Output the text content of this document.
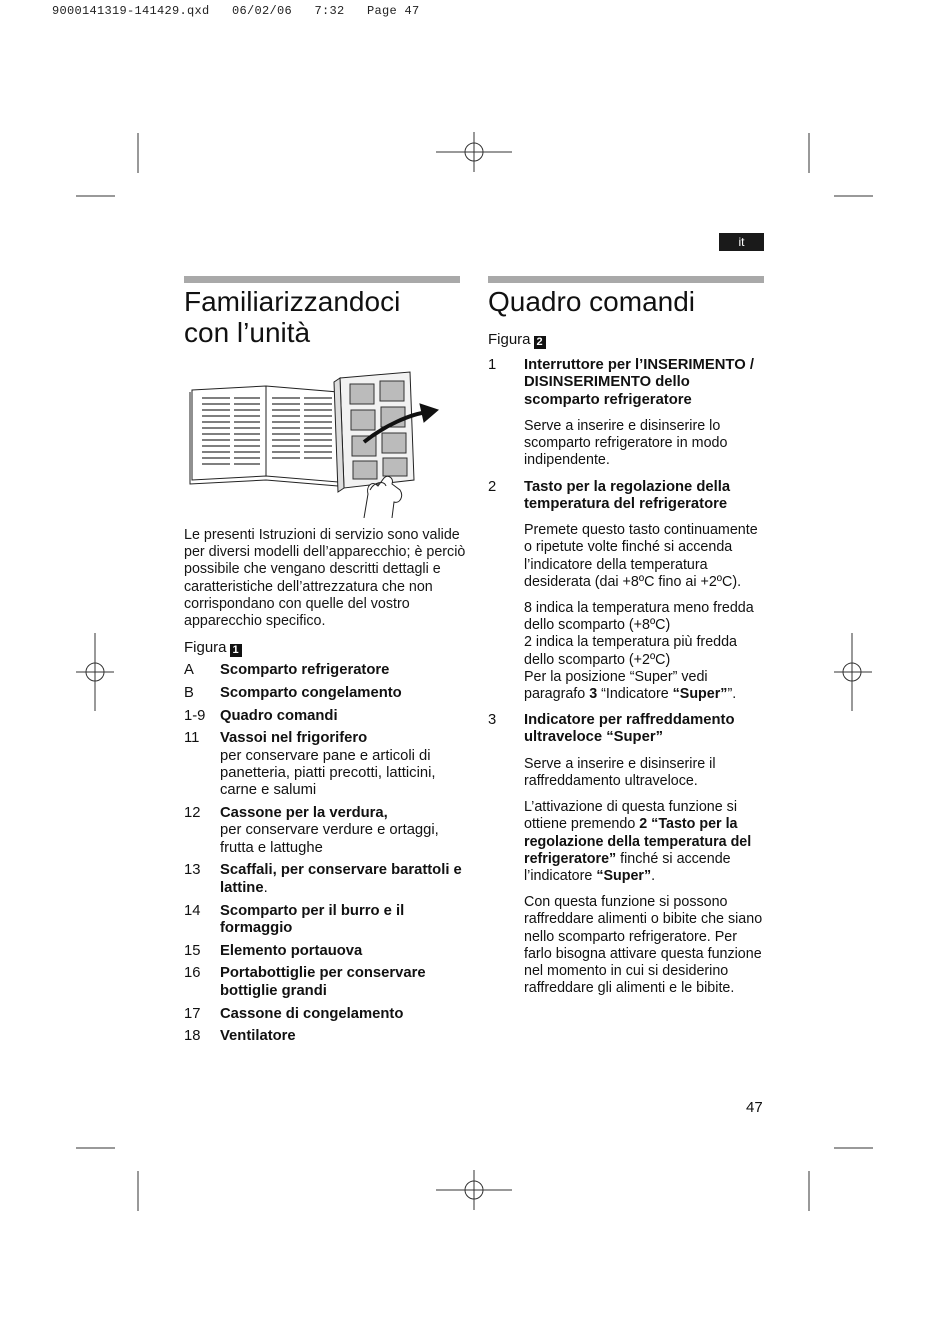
9000141319-141429.qxd   06/02/06   7:32   Page 47
it
Familiarizzandoci
con l’unità

Le presenti Istruzioni di servizio sono valide per diversi modelli dell’apparecchio; è perciò possibile che vengano descritti dettagli e caratteristiche dell’attrezzatura che non corrispondano con quelle del vostro apparecchio specifico.

Figura 1
A Scomparto refrigeratore
B Scomparto congelamento
1-9 Quadro comandi
11 Vassoi nel frigorifero
per conservare pane e articoli di panetteria, piatti precotti, latticini, carne e salumi
12 Cassone per la verdura,
per conservare verdure e ortaggi, frutta e lattughe
13 Scaffali, per conservare barattoli e lattine.
14 Scomparto per il burro e il formaggio
15 Elemento portauova
16 Portabottiglie per conservare bottiglie grandi
17 Cassone di congelamento
18 Ventilatore
Quadro comandi
Figura 2
1 Interruttore per l’INSERIMENTO / DISINSERIMENTO dello scomparto refrigeratore

Serve a inserire e disinserire lo scomparto refrigeratore in modo indipendente.

2 Tasto per la regolazione della temperatura del refrigeratore

Premete questo tasto continuamente o ripetute volte finché si accenda l’indicatore della temperatura desiderata (dai +8ºC fino ai +2ºC).

8 indica la temperatura meno fredda dello scomparto (+8ºC)
2 indica la temperatura più fredda dello scomparto (+2ºC)
Per la posizione “Super” vedi paragrafo 3 “Indicatore “Super””.

3 Indicatore per raffreddamento ultraveloce “Super”

Serve a inserire e disinserire il raffreddamento ultraveloce.

L’attivazione di questa funzione si ottiene premendo 2 “Tasto per la regolazione della temperatura del refrigeratore” finché si accende l’indicatore “Super”.

Con questa funzione si possono raffreddare alimenti o bibite che siano nello scomparto refrigeratore. Per farlo bisogna attivare questa funzione nel momento in cui si desiderino raffreddare gli alimenti e le bibite.

47
